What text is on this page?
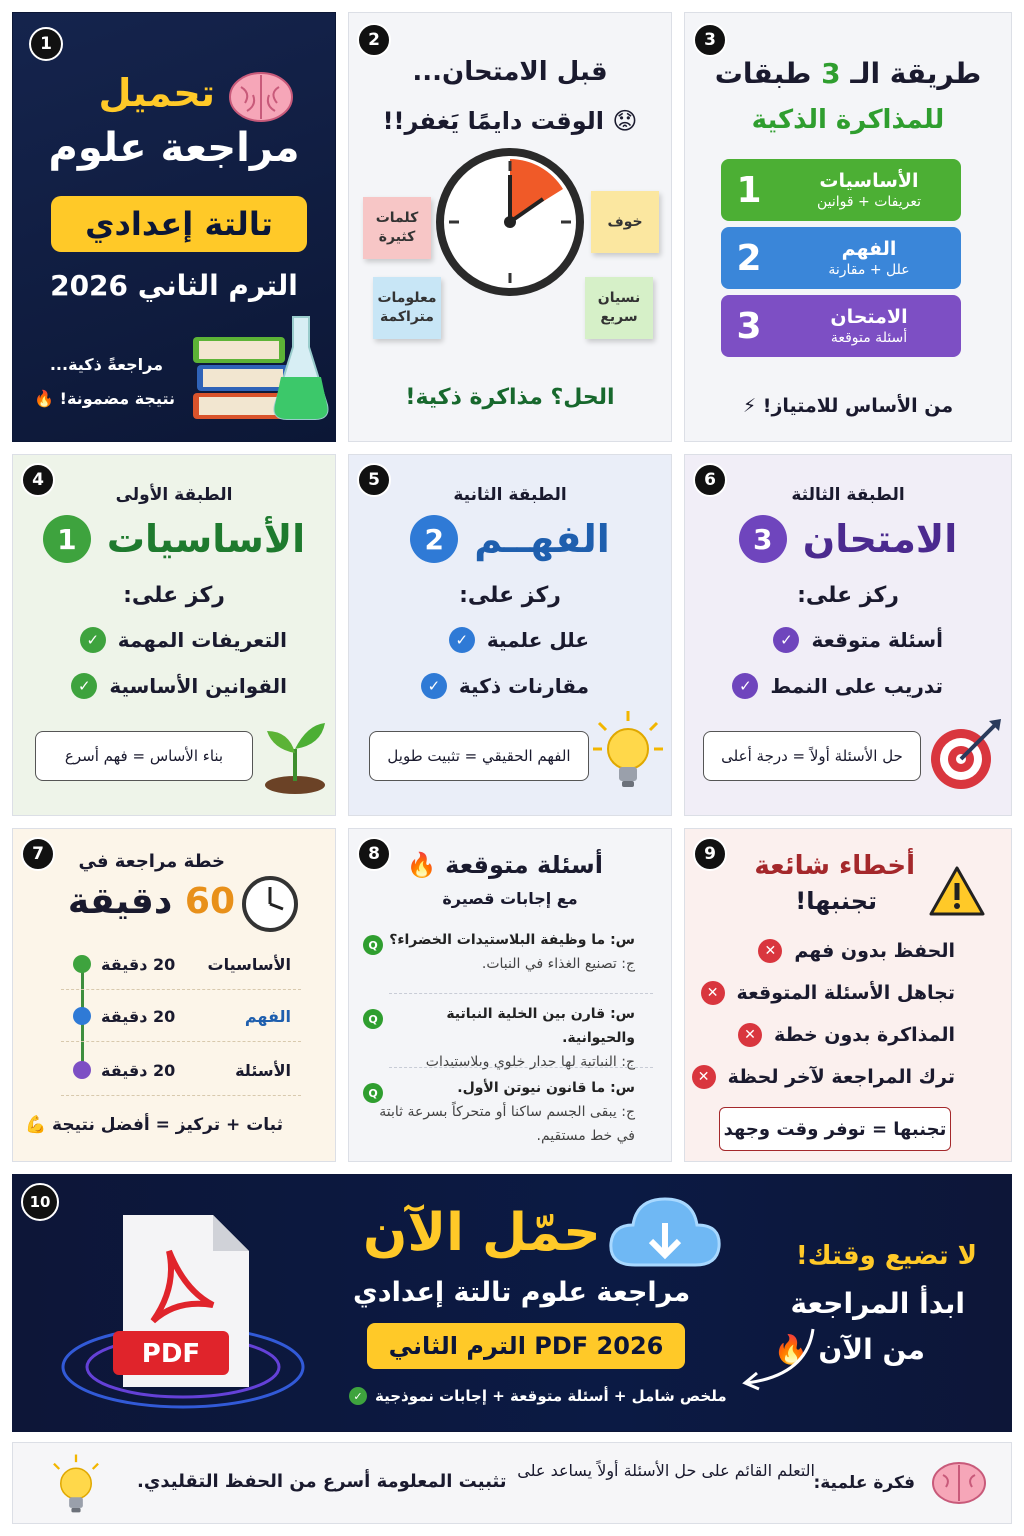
1
تحميل
مراجعة علوم
تالتة إعدادي
الترم الثاني 2026
مراجعةً ذكية...
نتيجة مضمونة! 🔥
2
قبل الامتحان...
😟 الوقت دايمًا يَغفر!!
كلمات كثيرة
خوف
معلومات متراكمة
نسيان سريع
الحل؟ مذاكرة ذكية!
3
طريقة الـ 3 طبقات
للمذاكرة الذكية
الأساسيات
تعريفات + قوانين
1
الفهم
علل + مقارنة
2
الامتحان
أسئلة متوقعة
3
من الأساس للامتياز! ⚡
4
الطبقة الأولى
الأساسيات
1
ركز على:
التعريفات المهمة
✓
القوانين الأساسية
✓
بناء الأساس = فهم أسرع
5
الطبقة الثانية
الفهــم
2
ركز على:
علل علمية
✓
مقارنات ذكية
✓
الفهم الحقيقي = تثبيت طويل
6
الطبقة الثالثة
الامتحان
3
ركز على:
أسئلة متوقعة
✓
تدريب على النمط
✓
حل الأسئلة أولاً = درجة أعلى
7	خطة مراجعة في
60 دقيقة
20 دقيقة الأساسيات
20 دقيقة	الفهم
20 دقيقة	الأسئلة
ثبات + تركيز = أفضل نتيجة 💪
8	أسئلة متوقعة 🔥
مع إجابات قصيرة
Q س: ما وظيفة البلاستيدات الخضراء؟
ج: تصنيع الغذاء في النبات.
Q	س: قارن بين الخلية النباتية والحيوانية.
ج: النباتية لها جدار خلوي وبلاستيدات
Q	س: ما قانون نيوتن الأول.
ج: يبقى الجسم ساكنا أو متحركاً بسرعة ثابتة في خط مستقيم.
9	أخطاء شائعة
تجنبها!
الحفظ بدون فهم
✕
تجاهل الأسئلة المتوقعة
✕
المذاكرة بدون خطة
✕
ترك المراجعة لآخر لحظة
✕
تجنبها = توفر وقت وجهد
10
PDF
حمّل الآن
مراجعة علوم تالتة إعدادي
PDF 2026 الترم الثاني
ملخص شامل + أسئلة متوقعة + إجابات نموذجية
✓
لا تضيع وقتك!
ابدأ المراجعة
من الآن 🔥
فكرة علمية:
التعلم القائم على حل الأسئلة أولاً يساعد على
تثبيت المعلومة أسرع من الحفظ التقليدي.
